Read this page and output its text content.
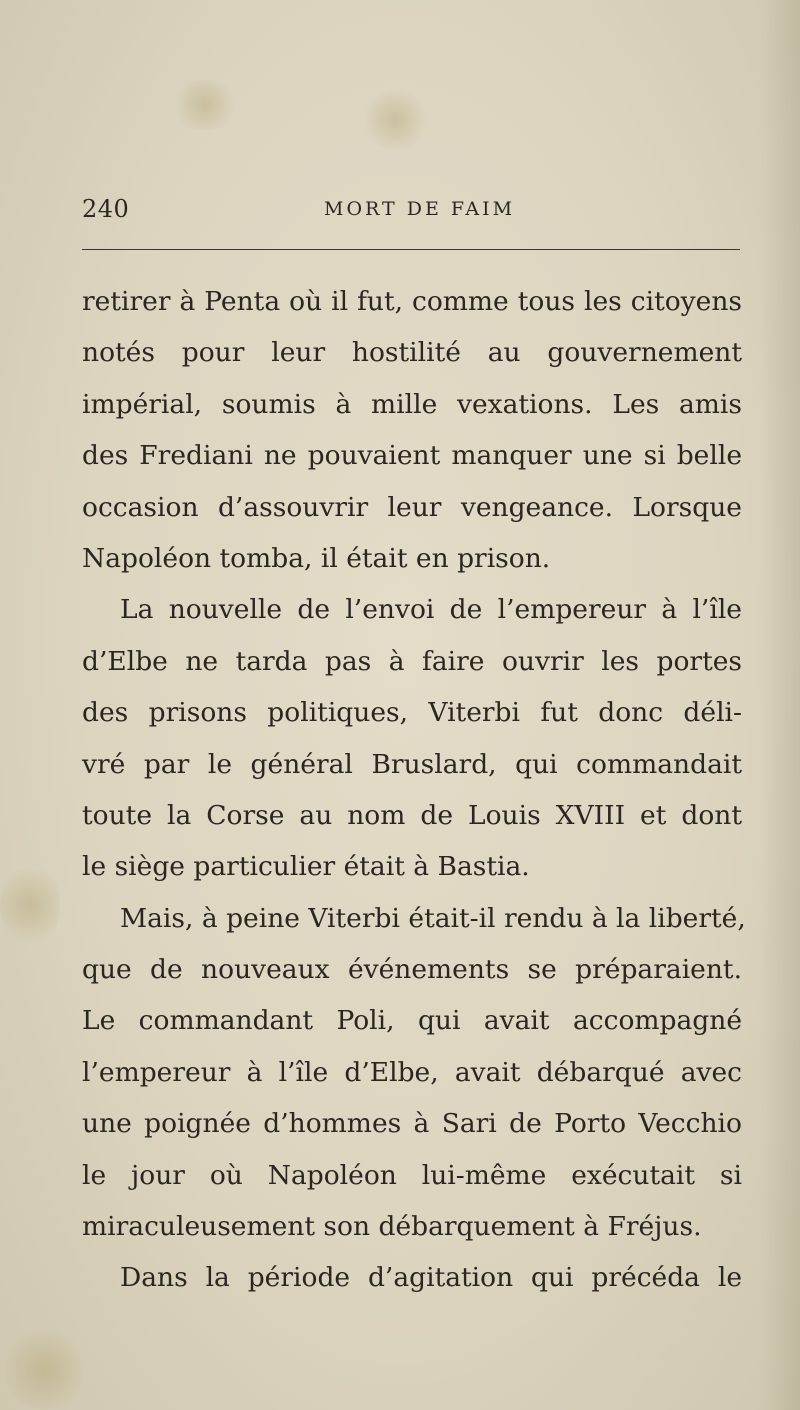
240	MORT DE FAIM
retirer à Penta où il fut, comme tous les citoyens
notés pour leur hostilité au gouvernement
impérial, soumis à mille vexations. Les amis
des Frediani ne pouvaient manquer une si belle
occasion d’assouvrir leur vengeance. Lorsque
Napoléon tomba, il était en prison.
La nouvelle de l’envoi de l’empereur à l’île
d’Elbe ne tarda pas à faire ouvrir les portes
des prisons politiques, Viterbi fut donc déli-
vré par le général Bruslard, qui commandait
toute la Corse au nom de Louis XVIII et dont
le siège particulier était à Bastia.
Mais, à peine Viterbi était-il rendu à la liberté,
que de nouveaux événements se préparaient.
Le commandant Poli, qui avait accompagné
l’empereur à l’île d’Elbe, avait débarqué avec
une poignée d’hommes à Sari de Porto Vecchio
le jour où Napoléon lui-même exécutait si
miraculeusement son débarquement à Fréjus.
Dans la période d’agitation qui précéda le
